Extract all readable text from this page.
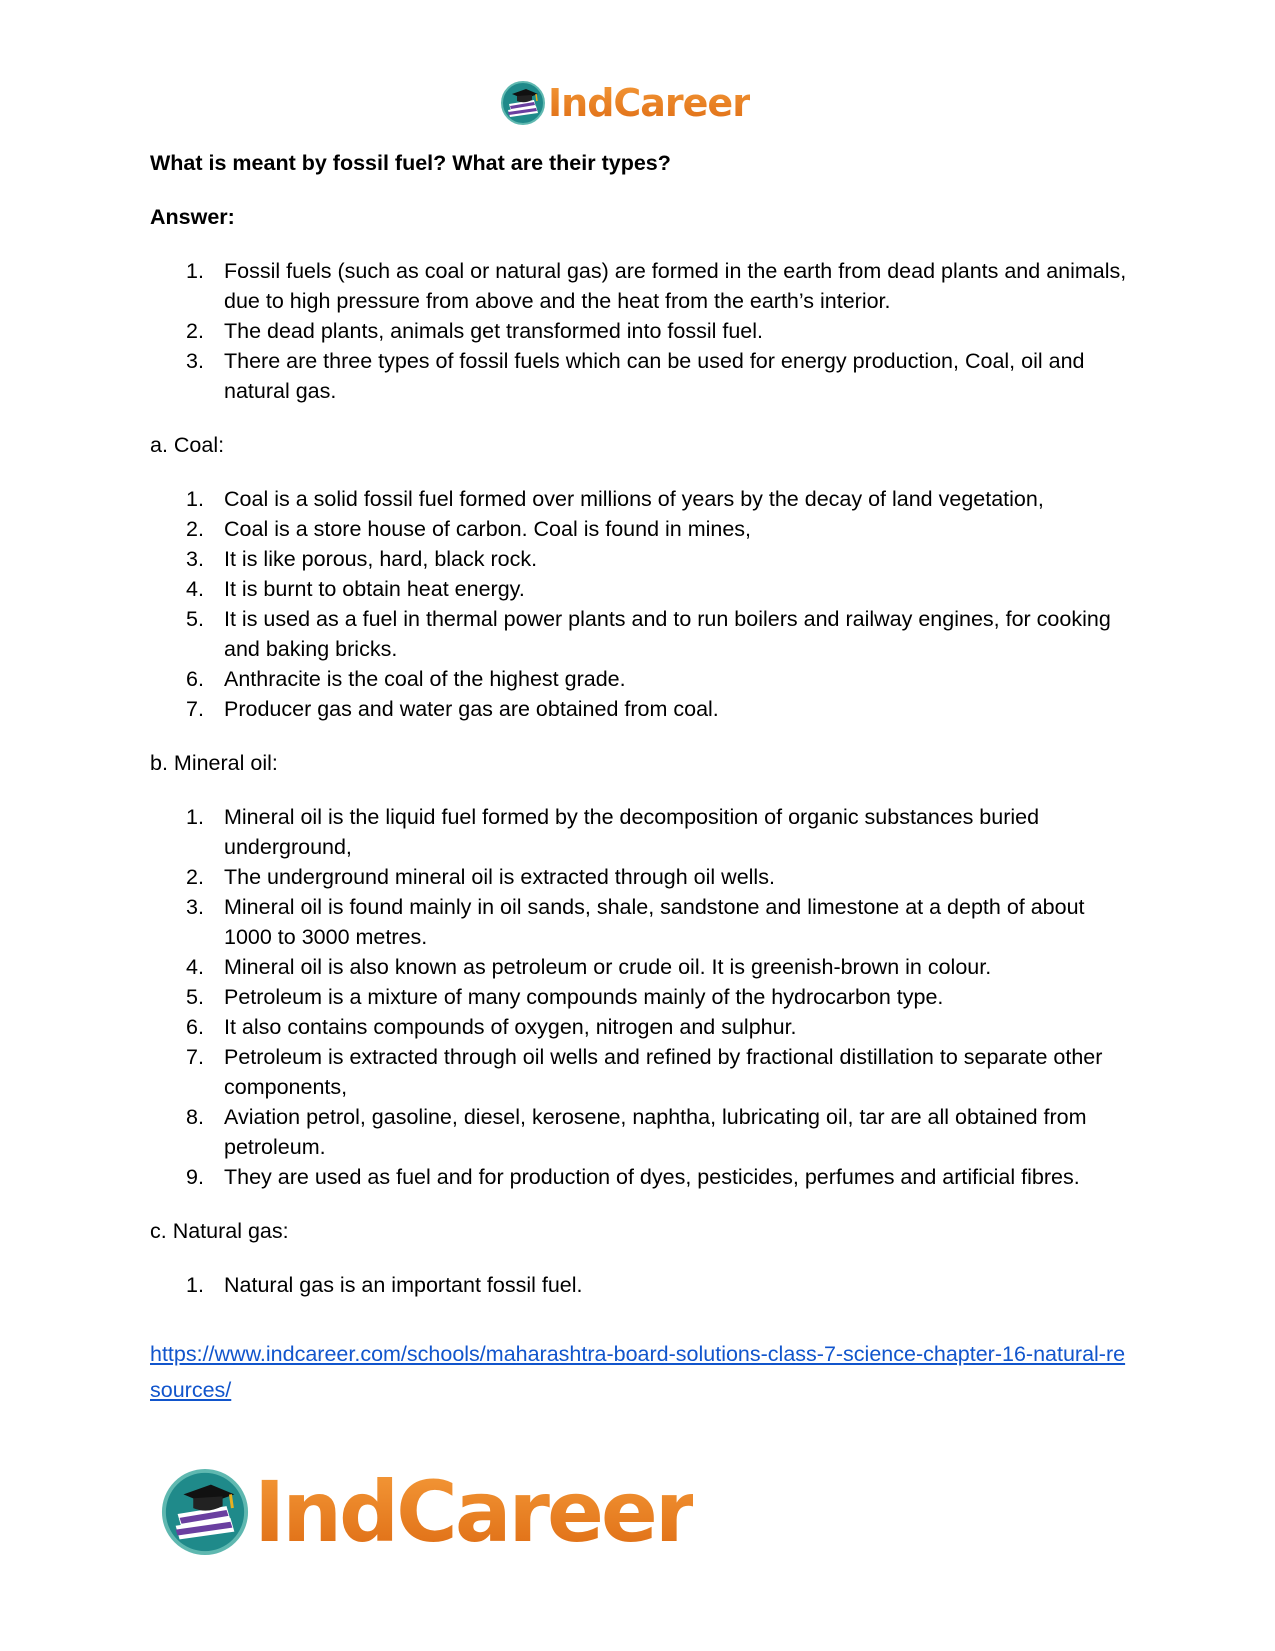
IndCareer

What is meant by fossil fuel? What are their types?

Answer:

1. Fossil fuels (such as coal or natural gas) are formed in the earth from dead plants and animals, due to high pressure from above and the heat from the earth’s interior.
2. The dead plants, animals get transformed into fossil fuel.
3. There are three types of fossil fuels which can be used for energy production, Coal, oil and natural gas.

a. Coal:

1. Coal is a solid fossil fuel formed over millions of years by the decay of land vegetation,
2. Coal is a store house of carbon. Coal is found in mines,
3. It is like porous, hard, black rock.
4. It is burnt to obtain heat energy.
5. It is used as a fuel in thermal power plants and to run boilers and railway engines, for cooking and baking bricks.
6. Anthracite is the coal of the highest grade.
7. Producer gas and water gas are obtained from coal.

b. Mineral oil:

1. Mineral oil is the liquid fuel formed by the decomposition of organic substances buried underground,
2. The underground mineral oil is extracted through oil wells.
3. Mineral oil is found mainly in oil sands, shale, sandstone and limestone at a depth of about 1000 to 3000 metres.
4. Mineral oil is also known as petroleum or crude oil. It is greenish-brown in colour.
5. Petroleum is a mixture of many compounds mainly of the hydrocarbon type.
6. It also contains compounds of oxygen, nitrogen and sulphur.
7. Petroleum is extracted through oil wells and refined by fractional distillation to separate other components,
8. Aviation petrol, gasoline, diesel, kerosene, naphtha, lubricating oil, tar are all obtained from petroleum.
9. They are used as fuel and for production of dyes, pesticides, perfumes and artificial fibres.

c. Natural gas:

1. Natural gas is an important fossil fuel.
https://www.indcareer.com/schools/maharashtra-board-solutions-class-7-science-chapter-16-natural-resources/
IndCareer
